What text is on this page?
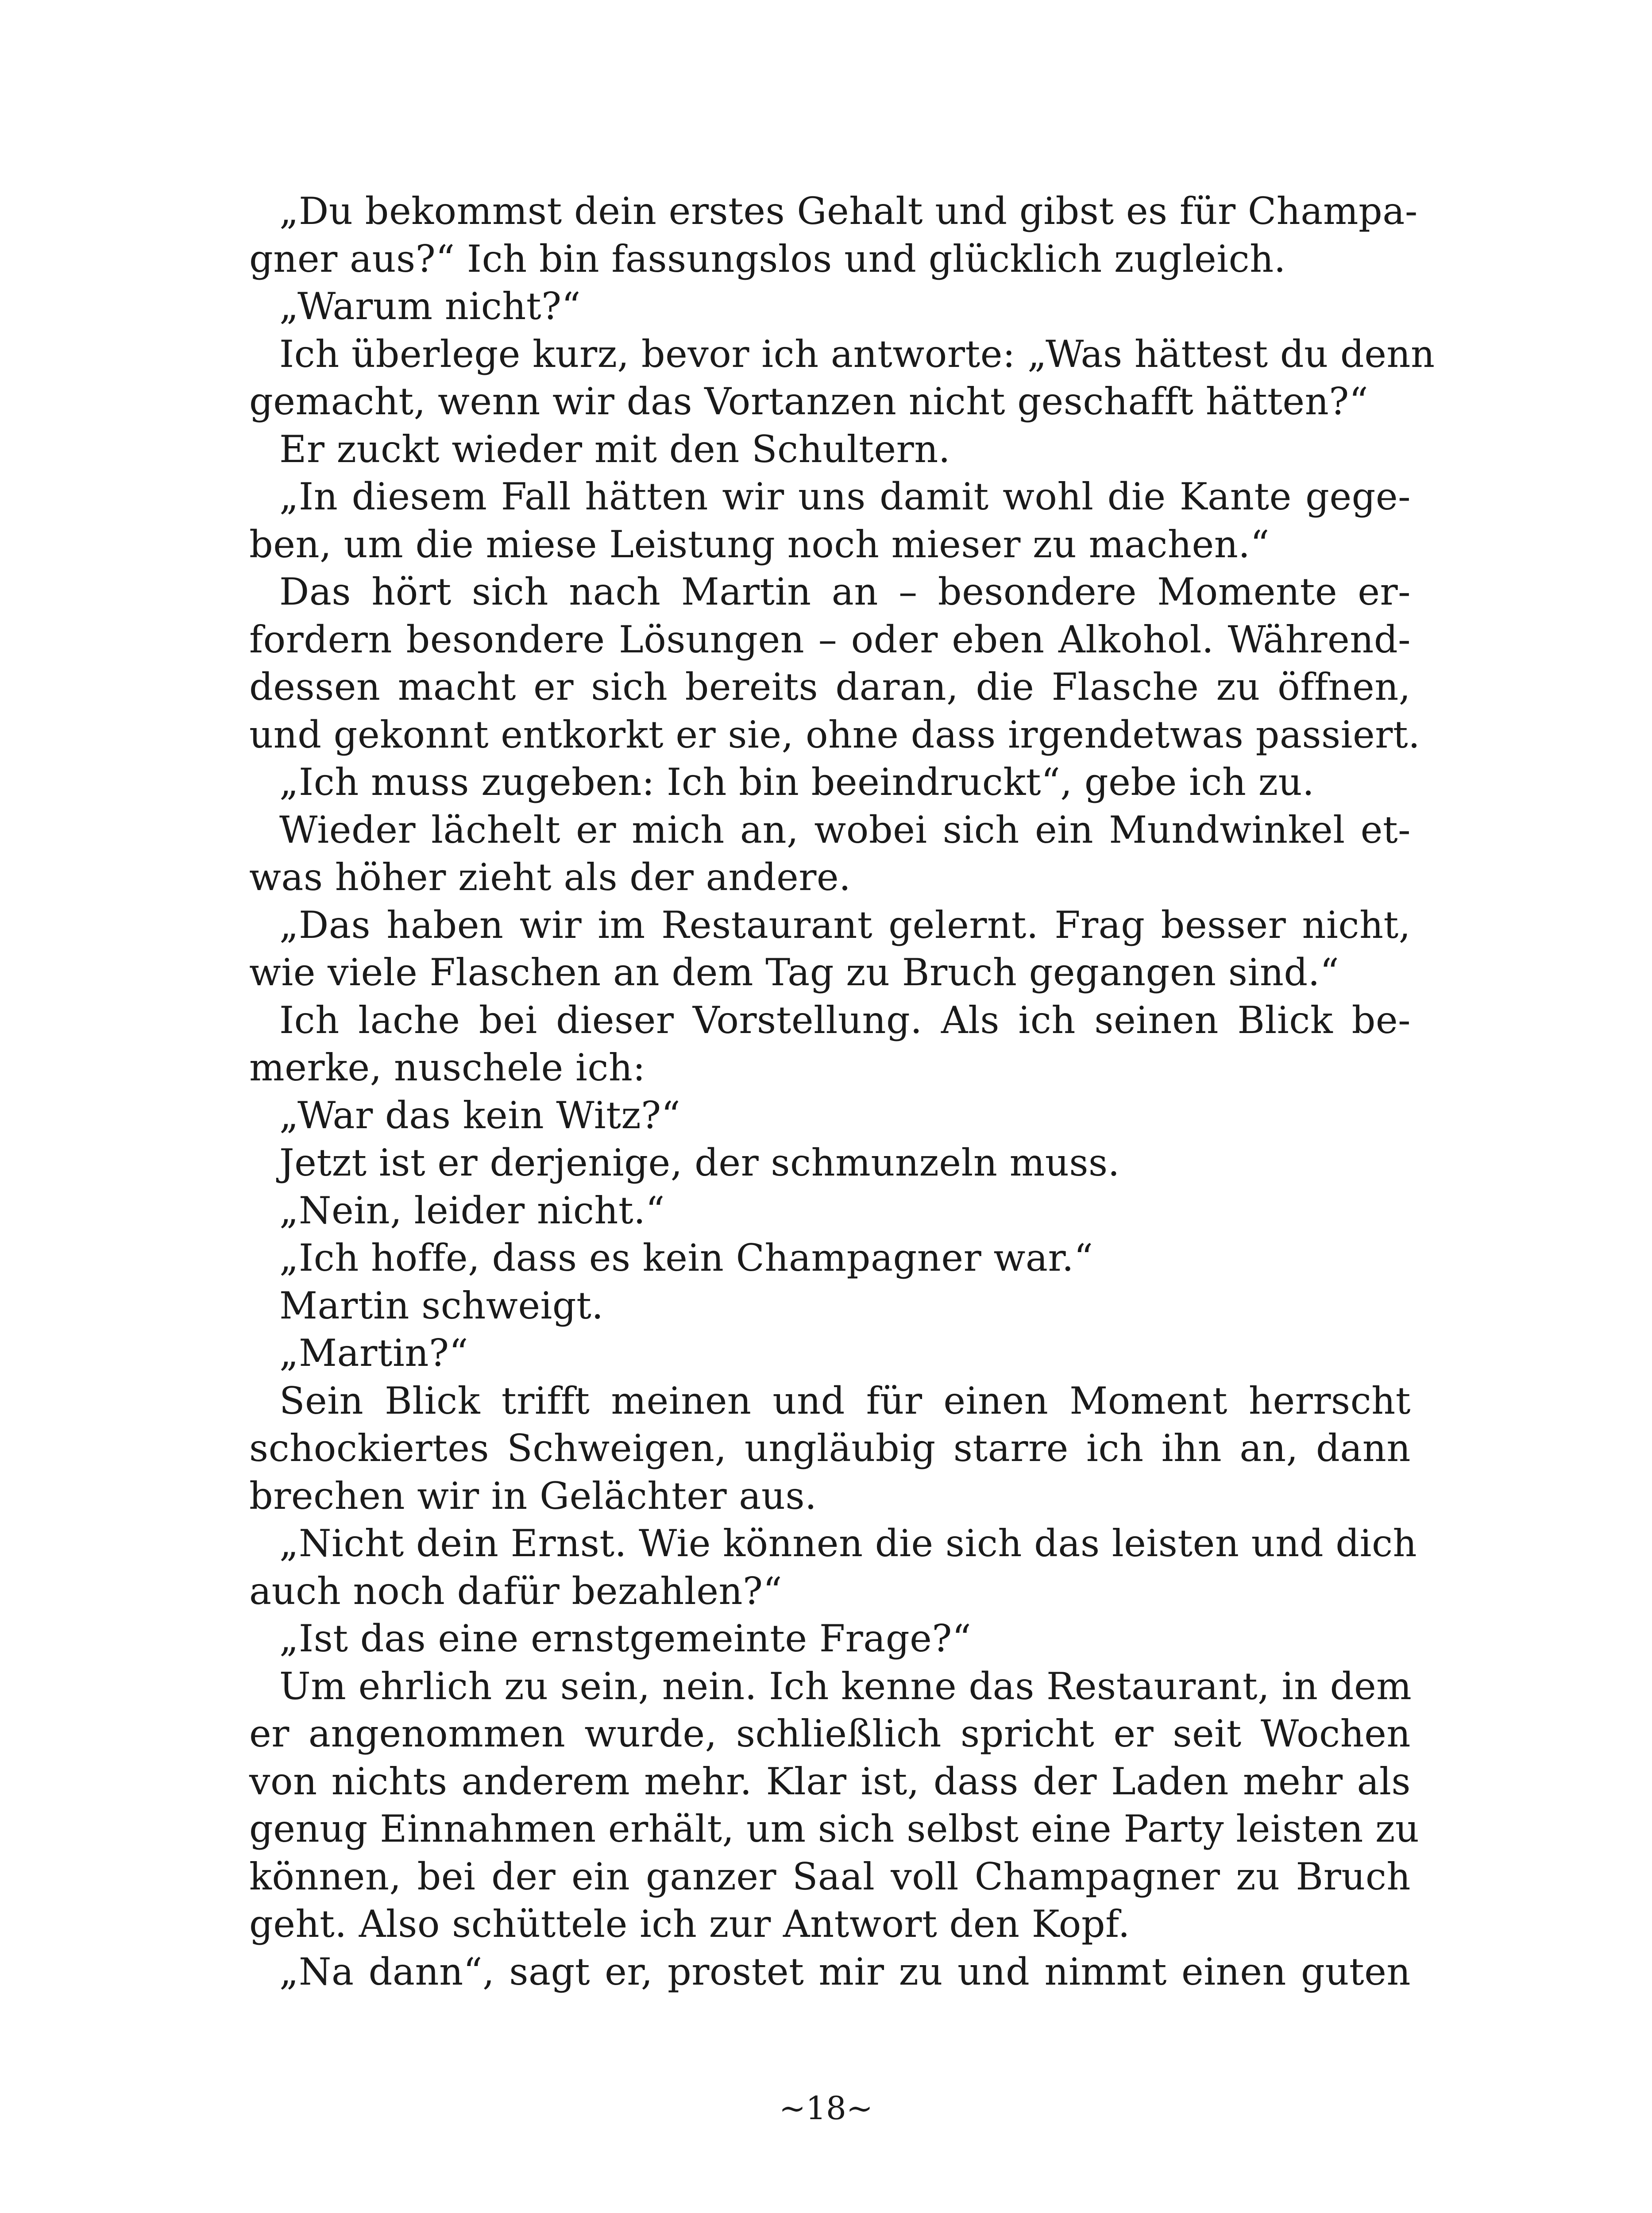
„Du bekommst dein erstes Gehalt und gibst es für Champa-
gner aus?“ Ich bin fassungslos und glücklich zugleich.
„Warum nicht?“
Ich überlege kurz, bevor ich antworte: „Was hättest du denn
gemacht, wenn wir das Vortanzen nicht geschafft hätten?“
Er zuckt wieder mit den Schultern.
„In diesem Fall hätten wir uns damit wohl die Kante gege-
ben, um die miese Leistung noch mieser zu machen.“
Das hört sich nach Martin an – besondere Momente er-
fordern besondere Lösungen – oder eben Alkohol. Während-
dessen macht er sich bereits daran, die Flasche zu öffnen,
und gekonnt entkorkt er sie, ohne dass irgendetwas passiert.
„Ich muss zugeben: Ich bin beeindruckt“, gebe ich zu.
Wieder lächelt er mich an, wobei sich ein Mundwinkel et-
was höher zieht als der andere.
„Das haben wir im Restaurant gelernt. Frag besser nicht,
wie viele Flaschen an dem Tag zu Bruch gegangen sind.“
Ich lache bei dieser Vorstellung. Als ich seinen Blick be-
merke, nuschele ich:
„War das kein Witz?“
Jetzt ist er derjenige, der schmunzeln muss.
„Nein, leider nicht.“
„Ich hoffe, dass es kein Champagner war.“
Martin schweigt.
„Martin?“
Sein Blick trifft meinen und für einen Moment herrscht
schockiertes Schweigen, ungläubig starre ich ihn an, dann
brechen wir in Gelächter aus.
„Nicht dein Ernst. Wie können die sich das leisten und dich
auch noch dafür bezahlen?“
„Ist das eine ernstgemeinte Frage?“
Um ehrlich zu sein, nein. Ich kenne das Restaurant, in dem
er angenommen wurde, schließlich spricht er seit Wochen
von nichts anderem mehr. Klar ist, dass der Laden mehr als
genug Einnahmen erhält, um sich selbst eine Party leisten zu
können, bei der ein ganzer Saal voll Champagner zu Bruch
geht. Also schüttele ich zur Antwort den Kopf.
„Na dann“, sagt er, prostet mir zu und nimmt einen guten
~18~
